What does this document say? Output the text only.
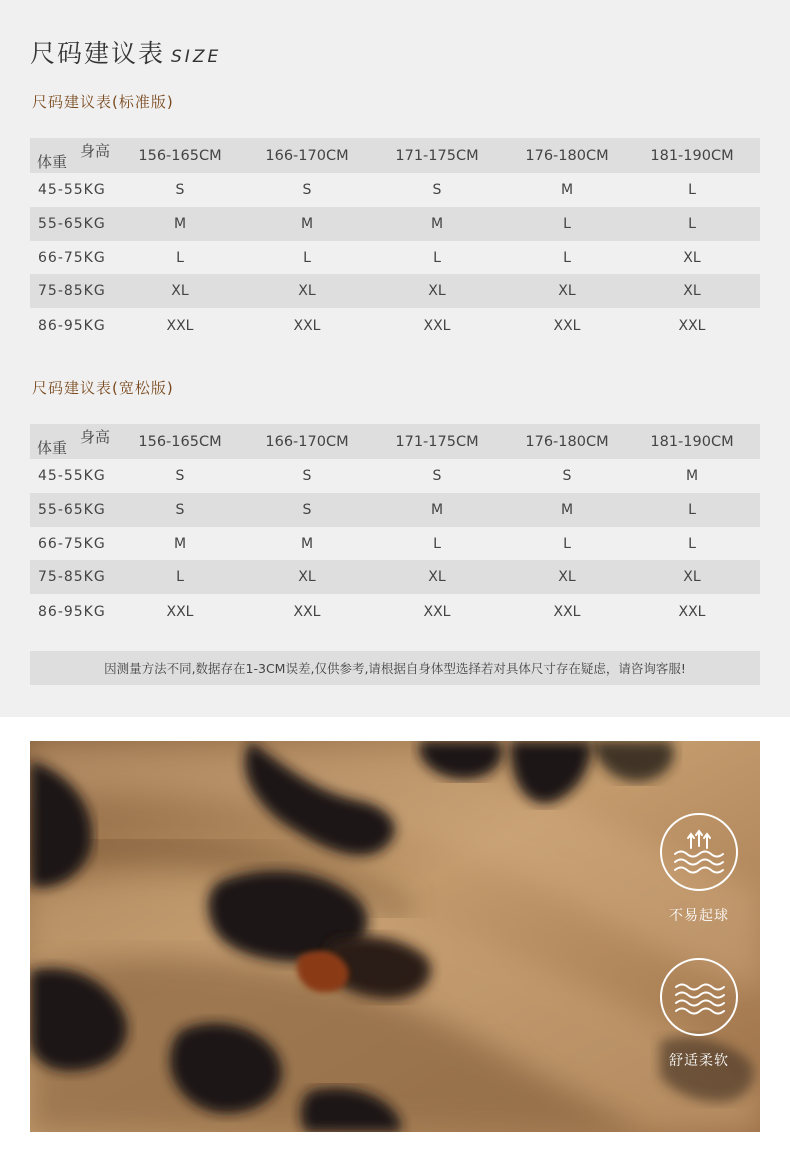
尺码建议表 SIZE
尺码建议表(标准版)
体重
身高	156-165CM	166-170CM	171-175CM	176-180CM	181-190CM
45-55KG	S	S	S	M	L
55-65KG	M	M	M	L	L
66-75KG	L	L	L	L	XL
75-85KG	XL	XL	XL	XL	XL
86-95KG	XXL	XXL	XXL	XXL	XXL
尺码建议表(宽松版)
体重
身高	156-165CM	166-170CM	171-175CM	176-180CM	181-190CM
45-55KG	S	S	S	S	M
55-65KG	S	S	M	M	L
66-75KG	M	M	L	L	L
75-85KG	L	XL	XL	XL	XL
86-95KG	XXL	XXL	XXL	XXL	XXL
因测量方法不同,数据存在1-3CM误差,仅供参考,请根据自身体型选择若对具体尺寸存在疑虑，请咨询客服!
不易起球
舒适柔软
